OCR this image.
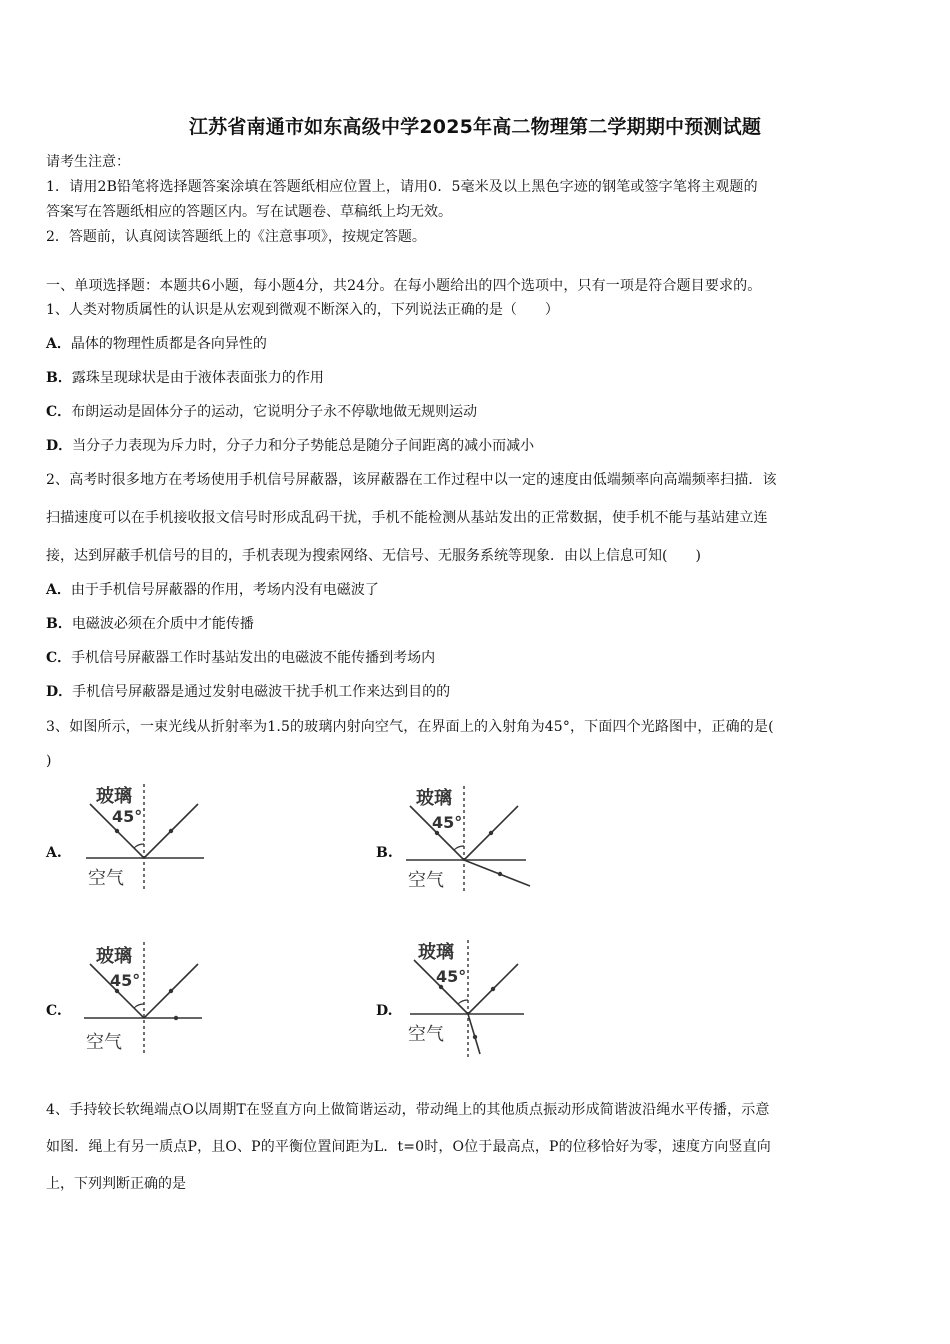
江苏省南通市如东高级中学2025年高二物理第二学期期中预测试题
请考生注意：
1．请用2B铅笔将选择题答案涂填在答题纸相应位置上，请用0．5毫米及以上黑色字迹的钢笔或签字笔将主观题的
答案写在答题纸相应的答题区内。写在试题卷、草稿纸上均无效。
2．答题前，认真阅读答题纸上的《注意事项》，按规定答题。
一、单项选择题：本题共6小题，每小题4分，共24分。在每小题给出的四个选项中，只有一项是符合题目要求的。
1、人类对物质属性的认识是从宏观到微观不断深入的，下列说法正确的是（　　）
A．晶体的物理性质都是各向异性的
B．露珠呈现球状是由于液体表面张力的作用
C．布朗运动是固体分子的运动，它说明分子永不停歇地做无规则运动
D．当分子力表现为斥力时，分子力和分子势能总是随分子间距离的减小而减小
2、高考时很多地方在考场使用手机信号屏蔽器，该屏蔽器在工作过程中以一定的速度由低端频率向高端频率扫描．该
扫描速度可以在手机接收报文信号时形成乱码干扰，手机不能检测从基站发出的正常数据，使手机不能与基站建立连
接，达到屏蔽手机信号的目的，手机表现为搜索网络、无信号、无服务系统等现象．由以上信息可知(　　)
A．由于手机信号屏蔽器的作用，考场内没有电磁波了
B．电磁波必须在介质中才能传播
C．手机信号屏蔽器工作时基站发出的电磁波不能传播到考场内
D．手机信号屏蔽器是通过发射电磁波干扰手机工作来达到目的的
3、如图所示，一束光线从折射率为1.5的玻璃内射向空气，在界面上的入射角为45°，下面四个光路图中，正确的是(
)
A.
玻璃
45°
空气
B.
玻璃
45°
空气
C.
玻璃
45°
空气
D.
玻璃
45°
空气
4、手持较长软绳端点O以周期T在竖直方向上做简谐运动，带动绳上的其他质点振动形成简谐波沿绳水平传播，示意
如图．绳上有另一质点P，且O、P的平衡位置间距为L．t=0时，O位于最高点，P的位移恰好为零，速度方向竖直向
上，下列判断正确的是
